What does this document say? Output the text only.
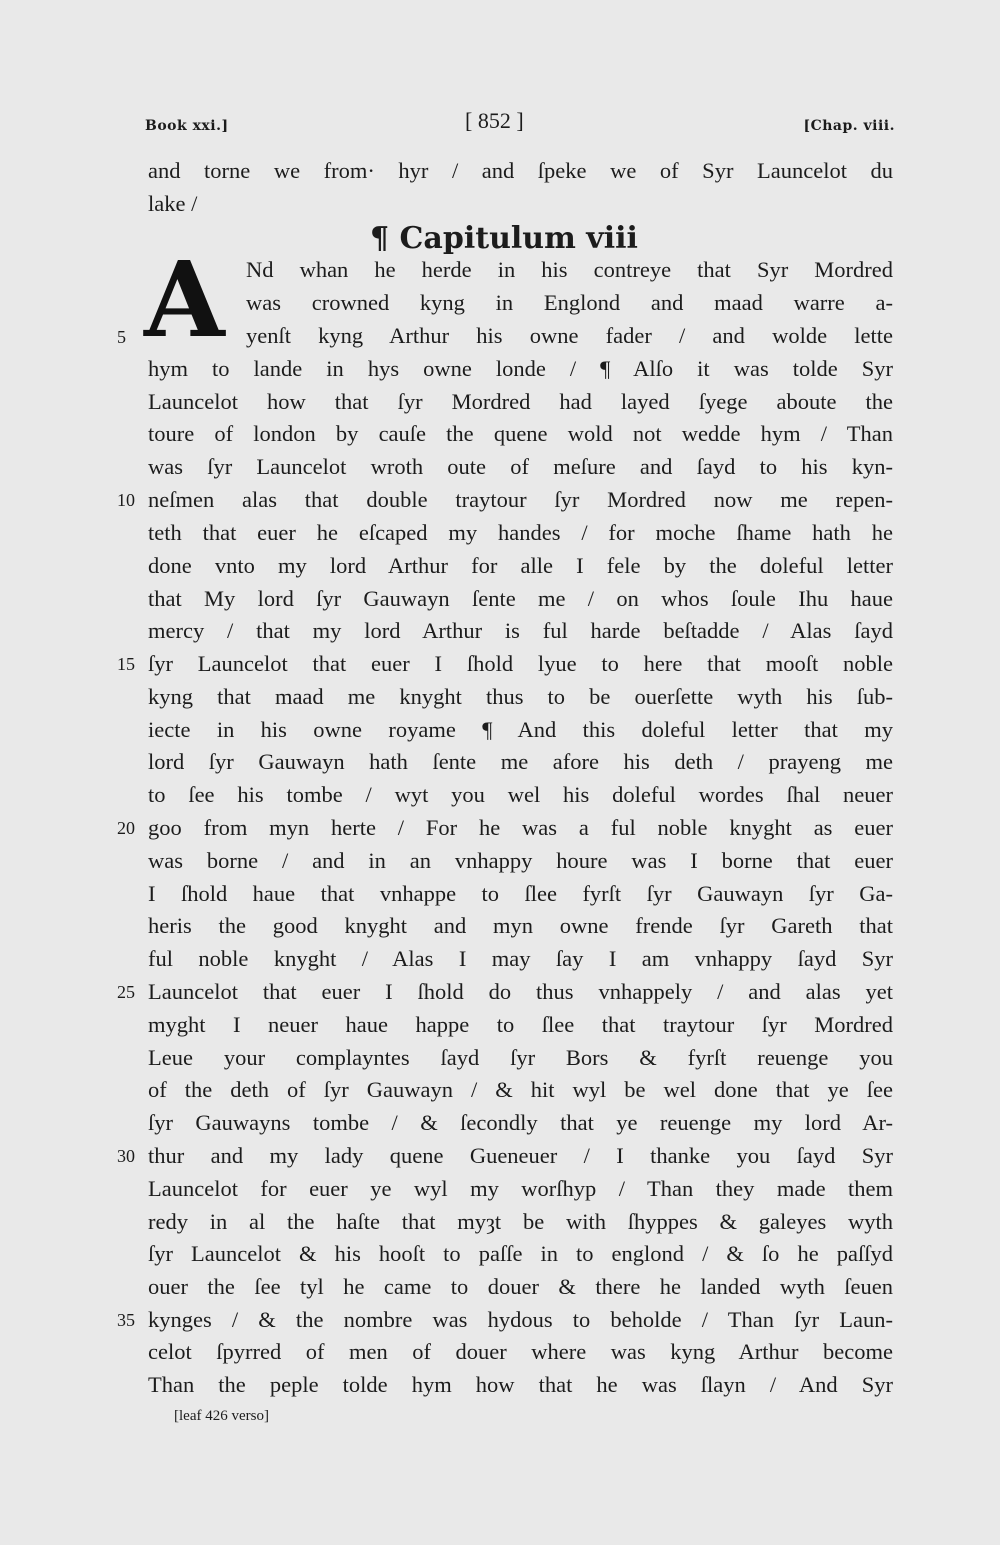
Book xxi.]	[ 852 ]	[Chap. viii.
and torne we from· hyr / and ſpeke we of Syr Launcelot du
lake /
¶ Capitulum viii
A Nd whan he herde in his contreye that Syr Mordred
was crowned kyng in Englond and maad warre a-
5	yenſt kyng Arthur his owne fader / and wolde lette
hym to lande in hys owne londe / ¶ Alſo it was tolde Syr
Launcelot how that ſyr Mordred had layed ſyege aboute the
toure of london by cauſe the quene wold not wedde hym / Than
was ſyr Launcelot wroth oute of meſure and ſayd to his kyn-
10 neſmen alas that double traytour ſyr Mordred now me repen-
teth that euer he eſcaped my handes / for moche ſhame hath he
done vnto my lord Arthur for alle I fele by the doleful letter
that My lord ſyr Gauwayn ſente me / on whos ſoule Ihu haue
mercy / that my lord Arthur is ful harde beſtadde / Alas ſayd
15 ſyr Launcelot that euer I ſhold lyue to here that mooſt noble
kyng that maad me knyght thus to be ouerſette wyth his ſub-
iecte in his owne royame ¶ And this doleful letter that my
lord ſyr Gauwayn hath ſente me afore his deth / prayeng me
to ſee his tombe / wyt you wel his doleful wordes ſhal neuer
20 goo from myn herte / For he was a ful noble knyght as euer
was borne / and in an vnhappy houre was I borne that euer
I ſhold haue that vnhappe to ſlee fyrſt ſyr Gauwayn ſyr Ga-
heris the good knyght and myn owne frende ſyr Gareth that
ful noble knyght / Alas I may ſay I am vnhappy ſayd Syr
25 Launcelot that euer I ſhold do thus vnhappely / and alas yet
myght I neuer haue happe to ſlee that traytour ſyr Mordred
Leue your complayntes ſayd ſyr Bors & fyrſt reuenge you
of the deth of ſyr Gauwayn / & hit wyl be wel done that ye ſee
ſyr Gauwayns tombe / & ſecondly that ye reuenge my lord Ar-
30 thur and my lady quene Gueneuer / I thanke you ſayd Syr
Launcelot for euer ye wyl my worſhyp / Than they made them
redy in al the haſte that myȝt be with ſhyppes & galeyes wyth
ſyr Launcelot & his hooſt to paſſe in to englond / & ſo he paſſyd
ouer the ſee tyl he came to douer & there he landed wyth ſeuen
35 kynges / & the nombre was hydous to beholde / Than ſyr Laun-
celot ſpyrred of men of douer where was kyng Arthur become
Than the peple tolde hym how that he was ſlayn / And Syr
[leaf 426 verso]
